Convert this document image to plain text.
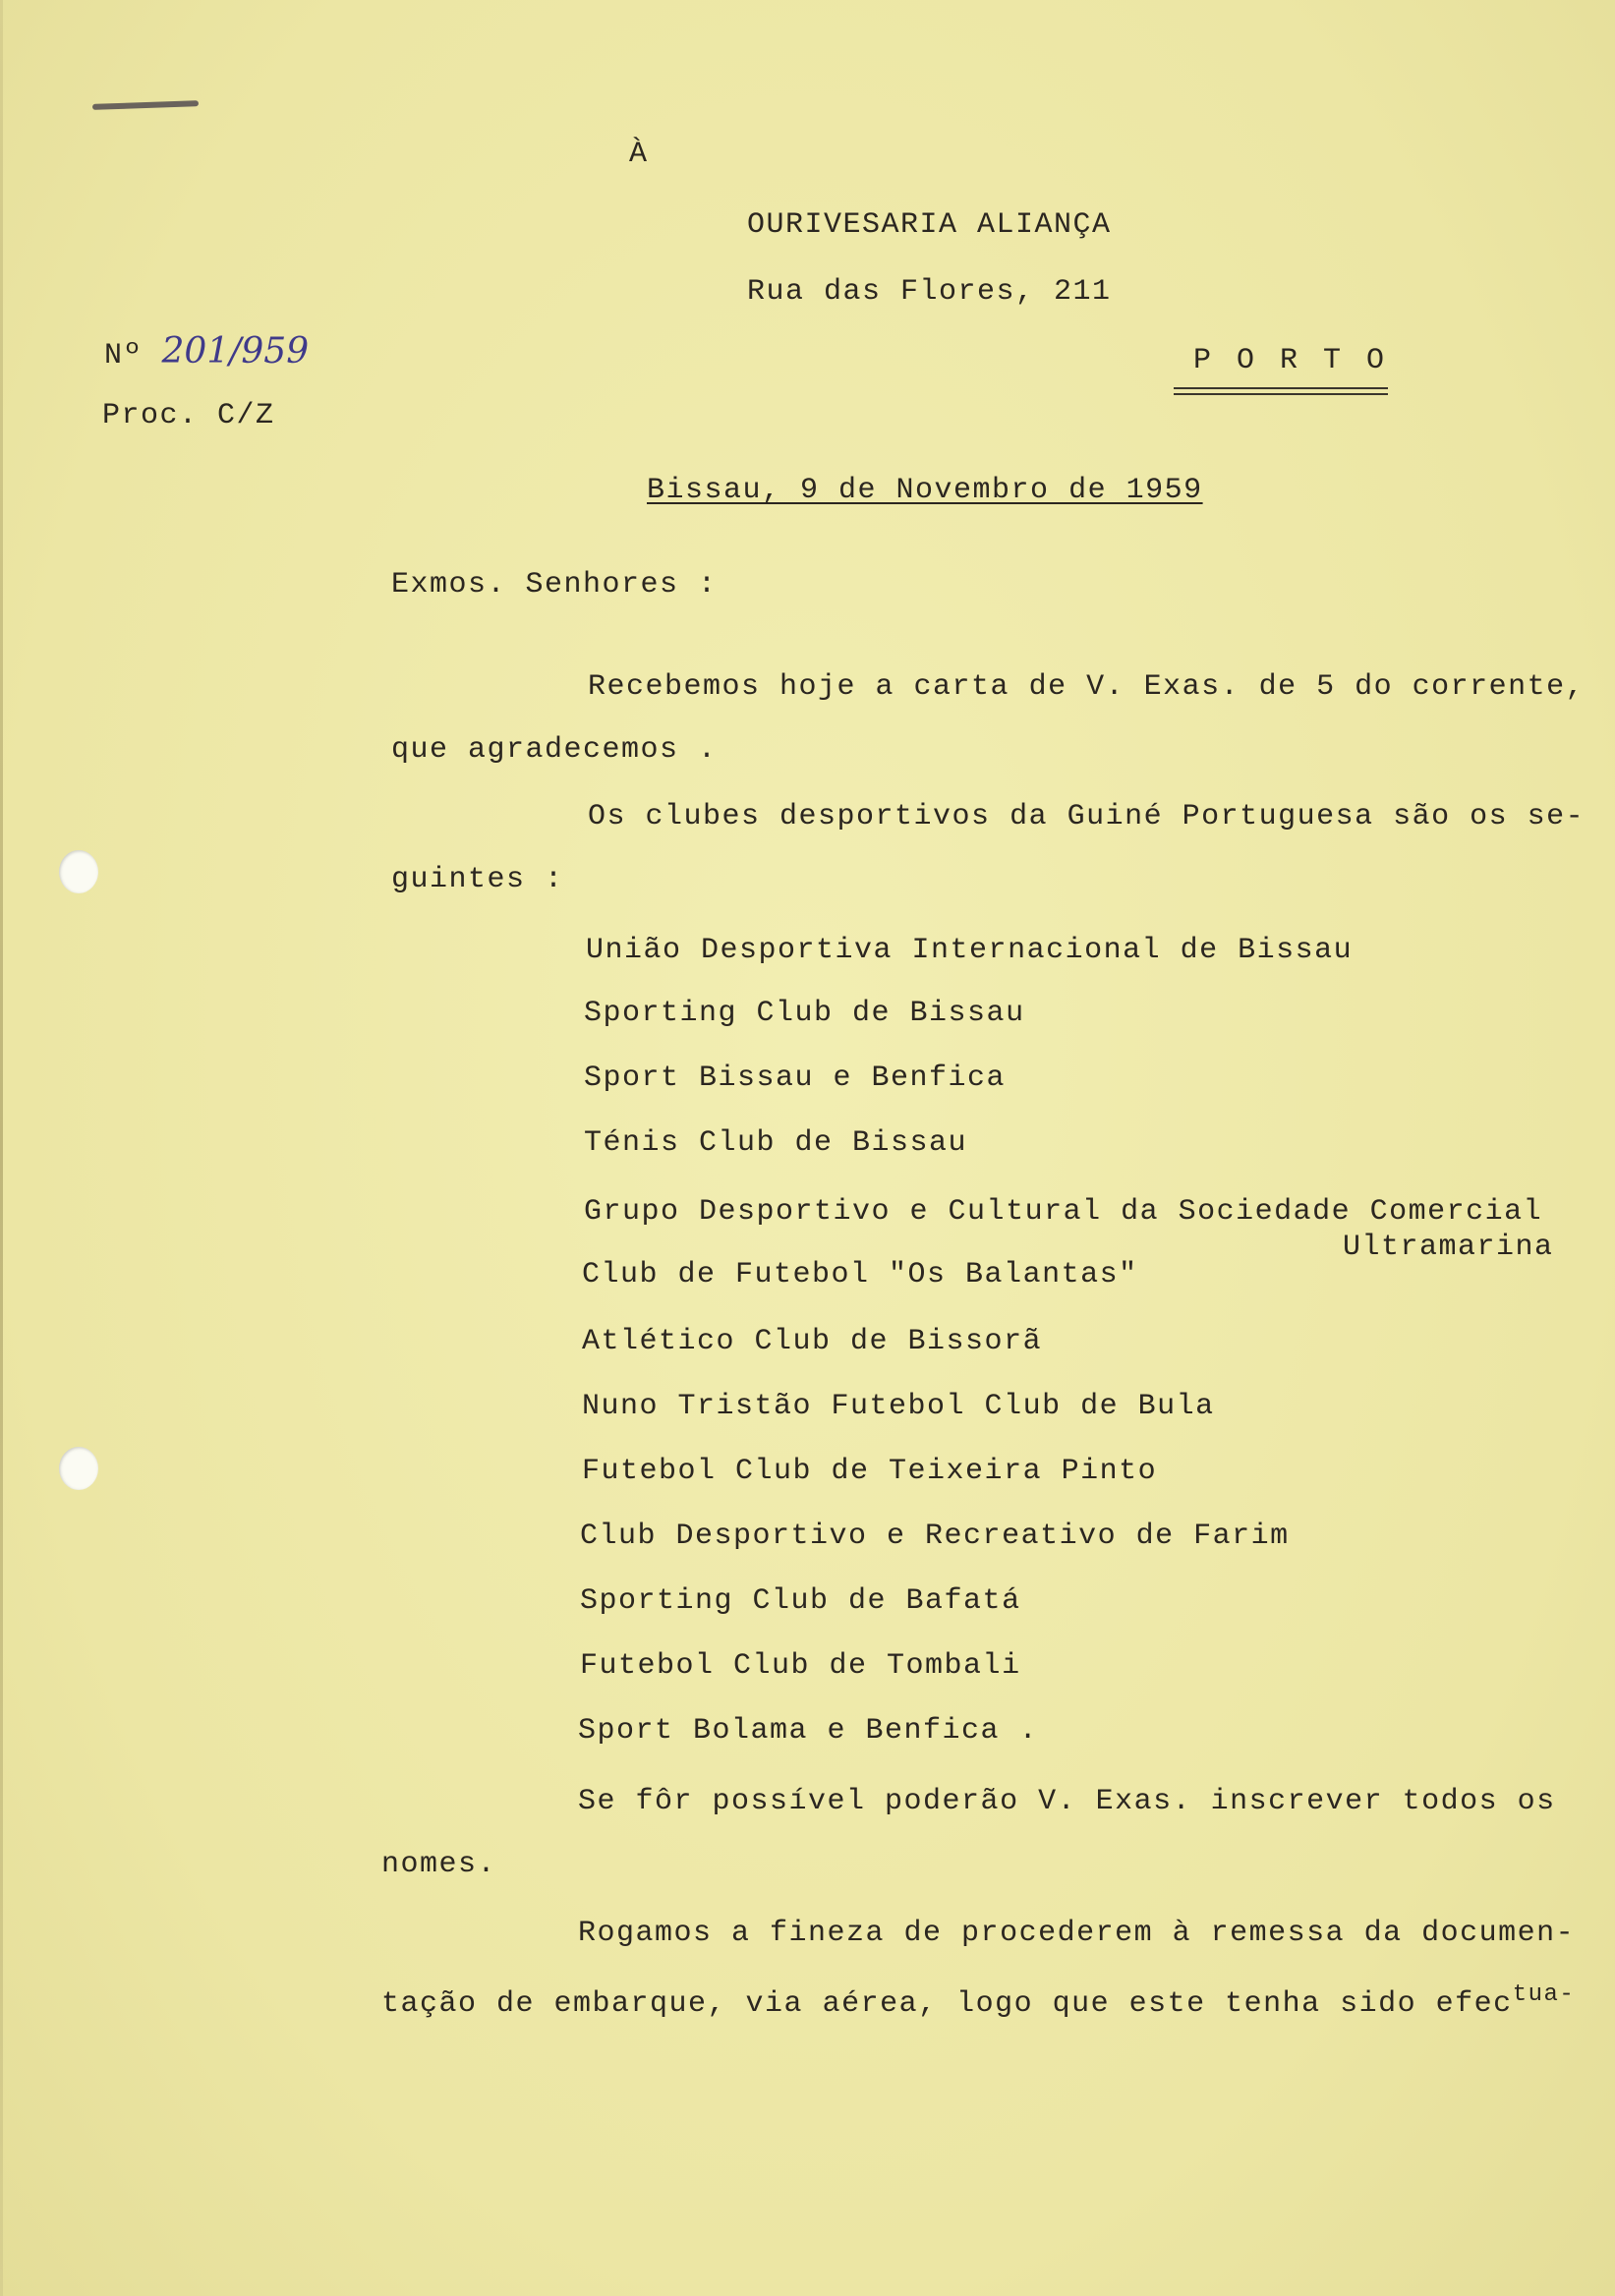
À
OURIVESARIA ALIANÇA
Rua das Flores, 211
P O R T O
Nº 201/959
Proc. C/Z
Bissau, 9 de Novembro de 1959
Exmos. Senhores :
Recebemos hoje a carta de V. Exas. de 5 do corrente,
que agradecemos .
Os clubes desportivos da Guiné Portuguesa são os se-
guintes :
União Desportiva Internacional de Bissau
Sporting Club de Bissau
Sport Bissau e Benfica
Ténis Club de Bissau
Grupo Desportivo e Cultural da Sociedade Comercial
Ultramarina
Club de Futebol "Os Balantas"
Atlético Club de Bissorã
Nuno Tristão Futebol Club de Bula
Futebol Club de Teixeira Pinto
Club Desportivo e Recreativo de Farim
Sporting Club de Bafatá
Futebol Club de Tombali
Sport Bolama e Benfica .
Se fôr possível poderão V. Exas. inscrever todos os
nomes.
Rogamos a fineza de procederem à remessa da documen-
tação de embarque, via aérea, logo que este tenha sido efec$^{tua-}$
